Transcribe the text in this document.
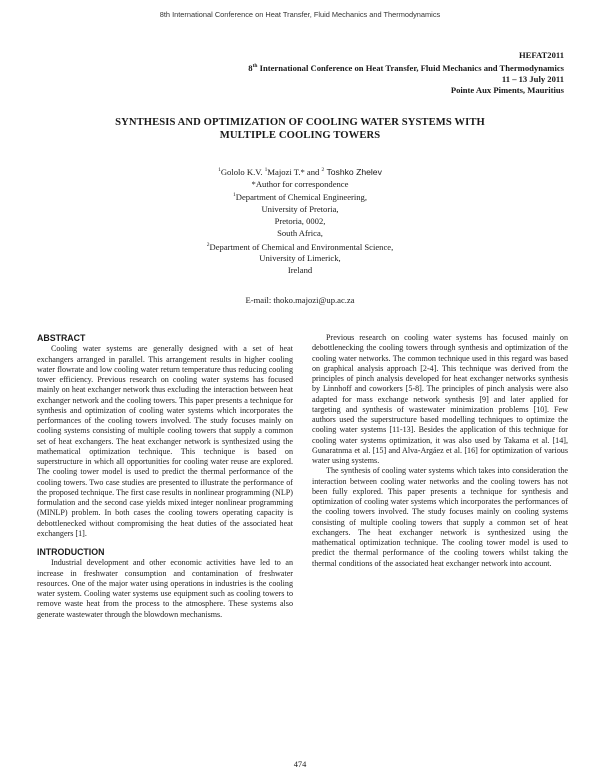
8th International Conference on Heat Transfer, Fluid Mechanics and Thermodynamics
HEFAT2011
8th International Conference on Heat Transfer, Fluid Mechanics and Thermodynamics
11 – 13 July 2011
Pointe Aux Piments, Mauritius
SYNTHESIS AND OPTIMIZATION OF COOLING WATER SYSTEMS WITH
MULTIPLE COOLING TOWERS
$^1$Gololo K.V. $^1$Majozi T.* and $^2$ Toshko Zhelev
*Author for correspondence
$^1$Department of Chemical Engineering,
University of Pretoria,
Pretoria, 0002,
South Africa,
$^2$Department of Chemical and Environmental Science,
University of Limerick,
Ireland
E-mail: thoko.majozi@up.ac.za
ABSTRACT

Cooling water systems are generally designed with a set of heat exchangers arranged in parallel. This arrangement results in higher cooling water flowrate and low cooling water return temperature thus reducing cooling tower efficiency. Previous research on cooling water systems has focused mainly on heat exchanger network thus excluding the interaction between heat exchanger network and the cooling towers. This paper presents a technique for synthesis and optimization of cooling water systems which incorporates the performances of the cooling towers involved. The study focuses mainly on cooling systems consisting of multiple cooling towers that supply a common set of heat exchangers. The heat exchanger network is synthesized using the mathematical optimization technique. This technique is based on superstructure in which all opportunities for cooling water reuse are explored. The cooling tower model is used to predict the thermal performance of the cooling towers. Two case studies are presented to illustrate the performance of the proposed technique. The first case results in nonlinear programming (NLP) formulation and the second case yields mixed integer nonlinear programming (MINLP) problem. In both cases the cooling towers operating capacity is debottlenecked without compromising the heat duties of the associated heat exchangers [1].

INTRODUCTION

Industrial development and other economic activities have led to an increase in freshwater consumption and contamination of freshwater resources. One of the major water using operations in industries is the cooling water system. Cooling water systems use equipment such as cooling towers to remove waste heat from the process to the atmosphere. These systems also generate wastewater through the blowdown mechanisms.

Previous research on cooling water systems has focused mainly on debottlenecking the cooling towers through synthesis and optimization of the cooling water networks. The common technique used in this regard was based on graphical analysis approach [2-4]. This technique was derived from the principles of pinch analysis developed for heat exchanger networks synthesis by Linnhoff and coworkers [5-8]. The principles of pinch analysis were also adapted for mass exchange network synthesis [9] and later applied for targeting and synthesis of wastewater minimization problems [10]. Few authors used the superstructure based modelling techniques to optimize the cooling water systems [11-13]. Besides the application of this technique for cooling water systems optimization, it was also used by Takama et al. [14], Gunaratnma et al. [15] and Alva-Argáez et al. [16] for optimization of various water using systems.

The synthesis of cooling water systems which takes into consideration the interaction between cooling water networks and the cooling towers has not been fully explored. This paper presents a technique for synthesis and optimization of cooling water systems which incorporates the performances of the cooling towers involved. The study focuses mainly on cooling systems consisting of multiple cooling towers that supply a common set of heat exchangers. The heat exchanger network is synthesized using the mathematical optimization technique. The cooling tower model is used to predict the thermal performance of the cooling towers whilst taking the thermal conditions of the associated heat exchanger network into account.

474
